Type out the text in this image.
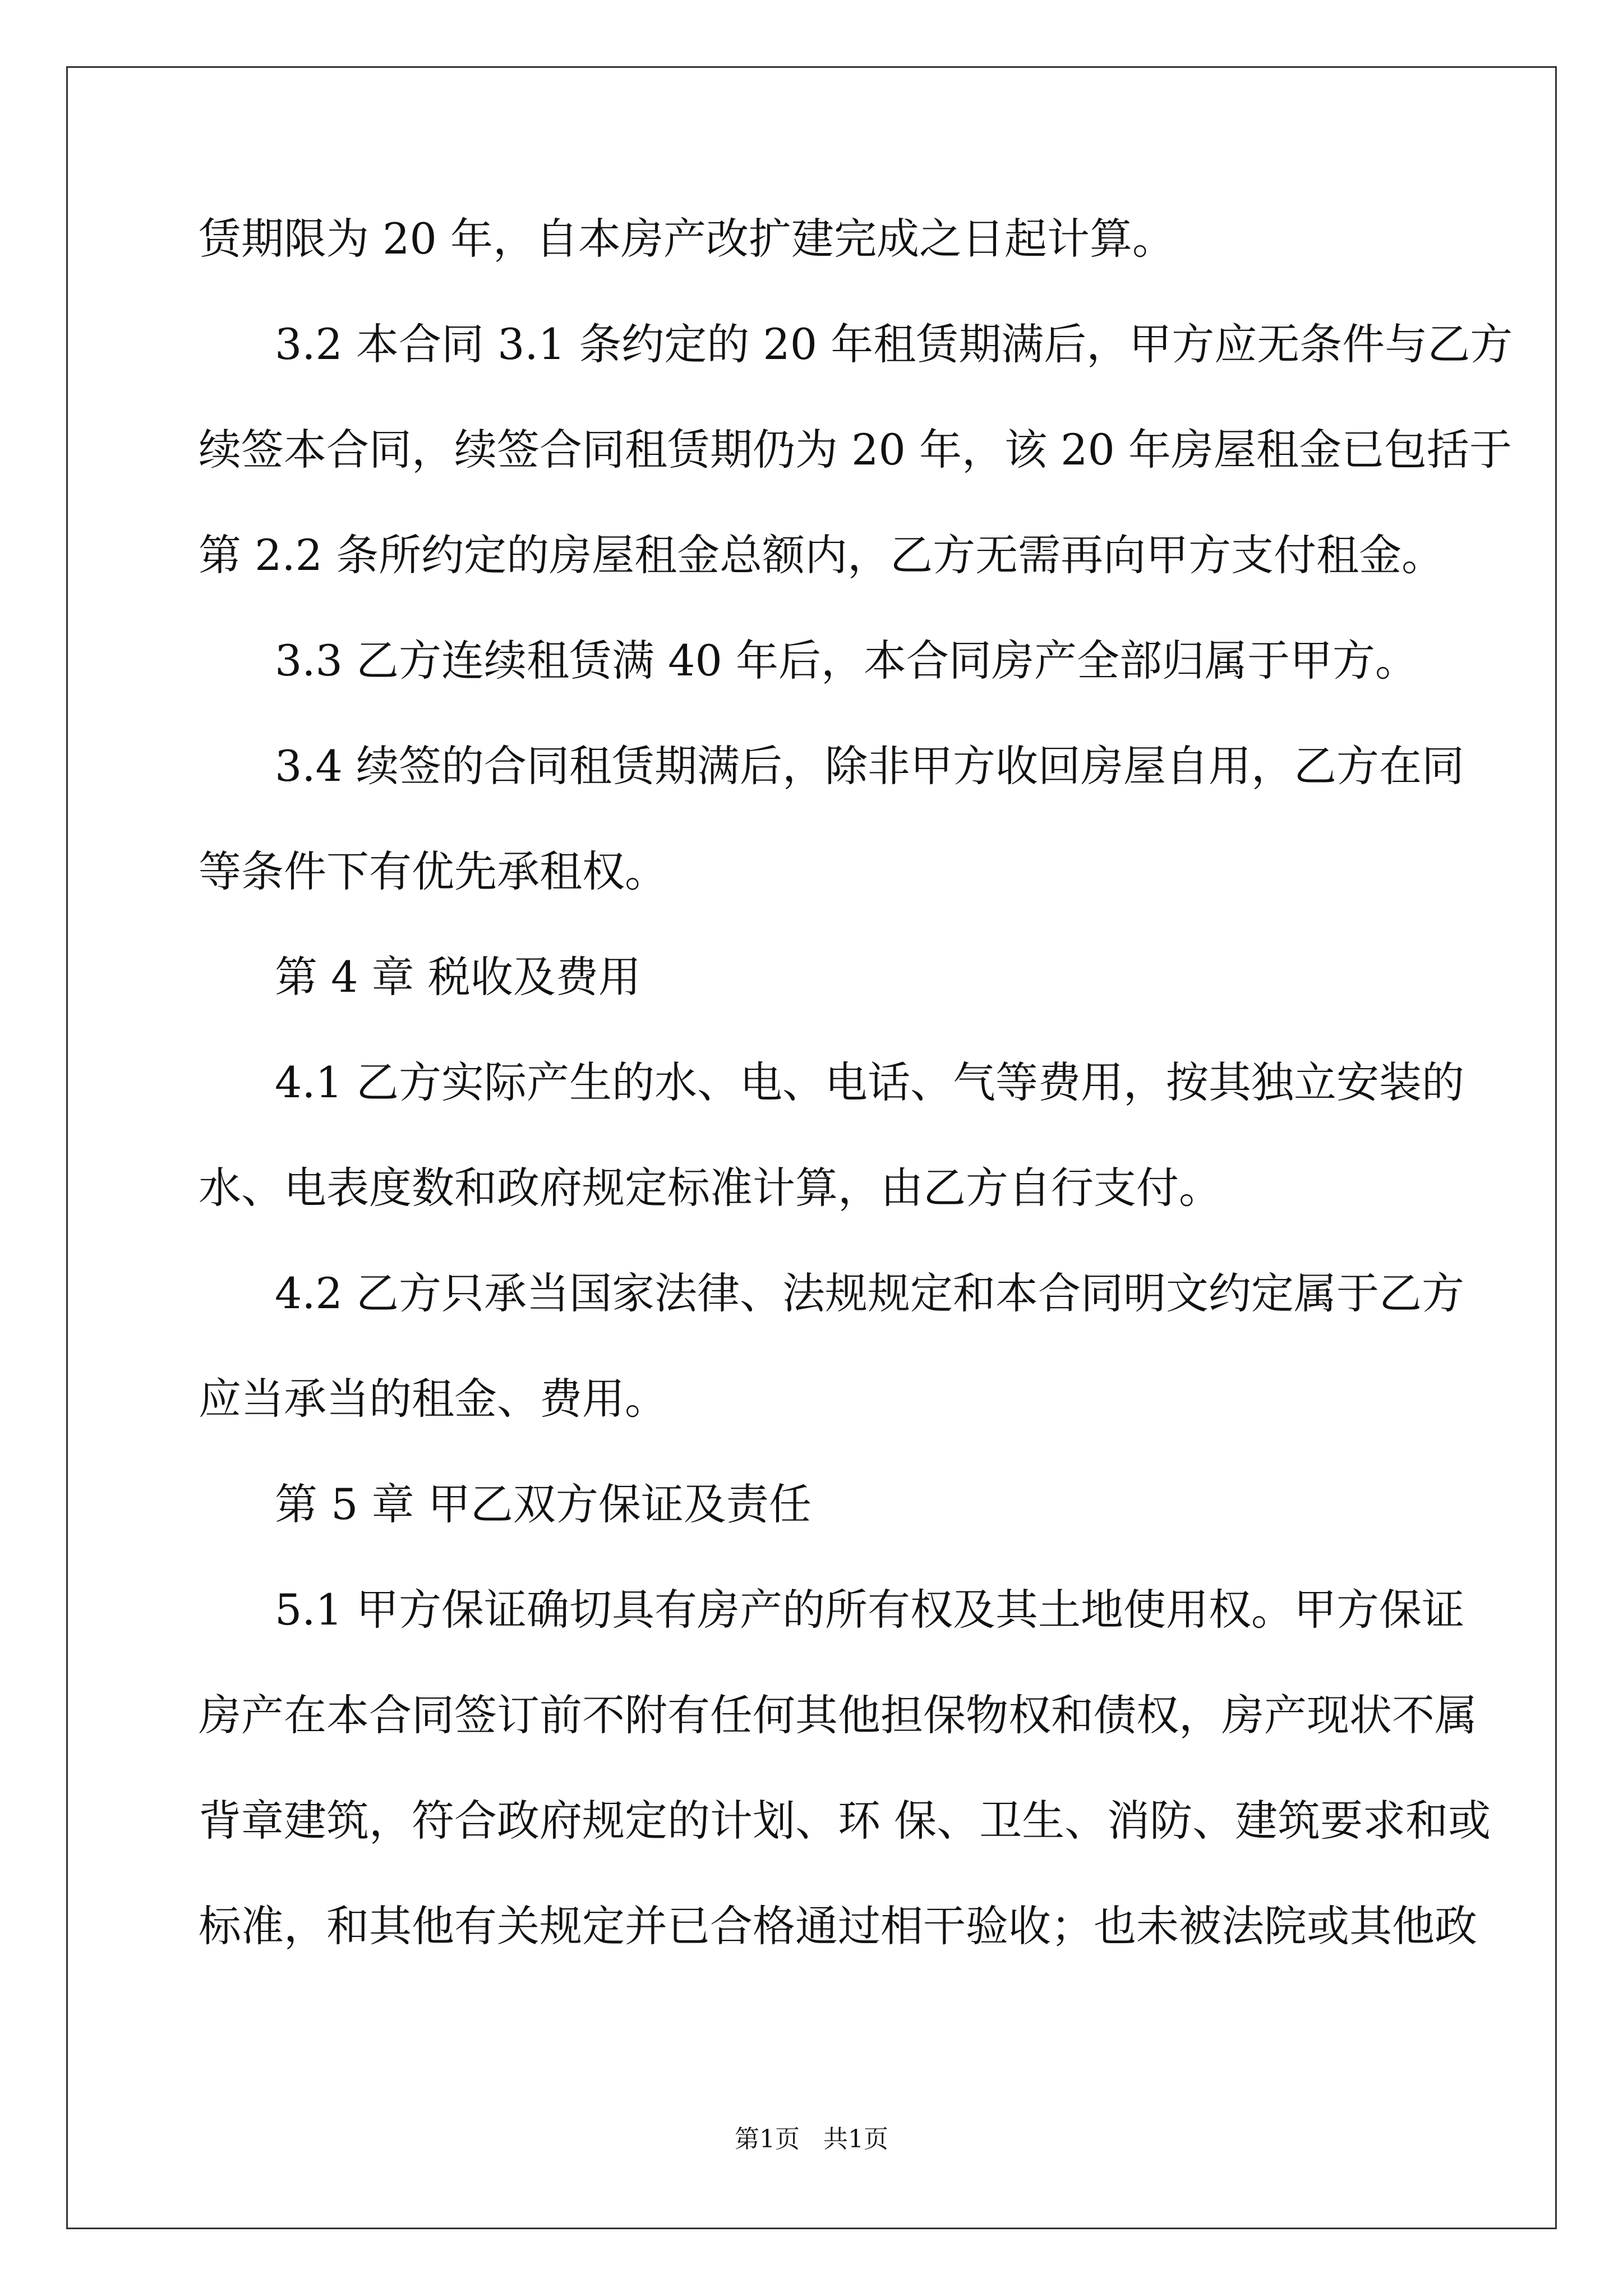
赁期限为 20 年，自本房产改扩建完成之日起计算。
3.2 本合同 3.1 条约定的 20 年租赁期满后，甲方应无条件与乙方
续签本合同，续签合同租赁期仍为 20 年，该 20 年房屋租金已包括于
第 2.2 条所约定的房屋租金总额内，乙方无需再向甲方支付租金。
3.3 乙方连续租赁满 40 年后，本合同房产全部归属于甲方。
3.4 续签的合同租赁期满后，除非甲方收回房屋自用，乙方在同
等条件下有优先承租权。
第 4 章 税收及费用
4.1 乙方实际产生的水、电、电话、气等费用，按其独立安装的
水、电表度数和政府规定标准计算，由乙方自行支付。
4.2 乙方只承当国家法律、法规规定和本合同明文约定属于乙方
应当承当的租金、费用。
第 5 章 甲乙双方保证及责任
5.1 甲方保证确切具有房产的所有权及其土地使用权。甲方保证
房产在本合同签订前不附有任何其他担保物权和债权，房产现状不属
背章建筑，符合政府规定的计划、环 保、卫生、消防、建筑要求和或
标准，和其他有关规定并已合格通过相干验收；也未被法院或其他政
第1页 共1页
